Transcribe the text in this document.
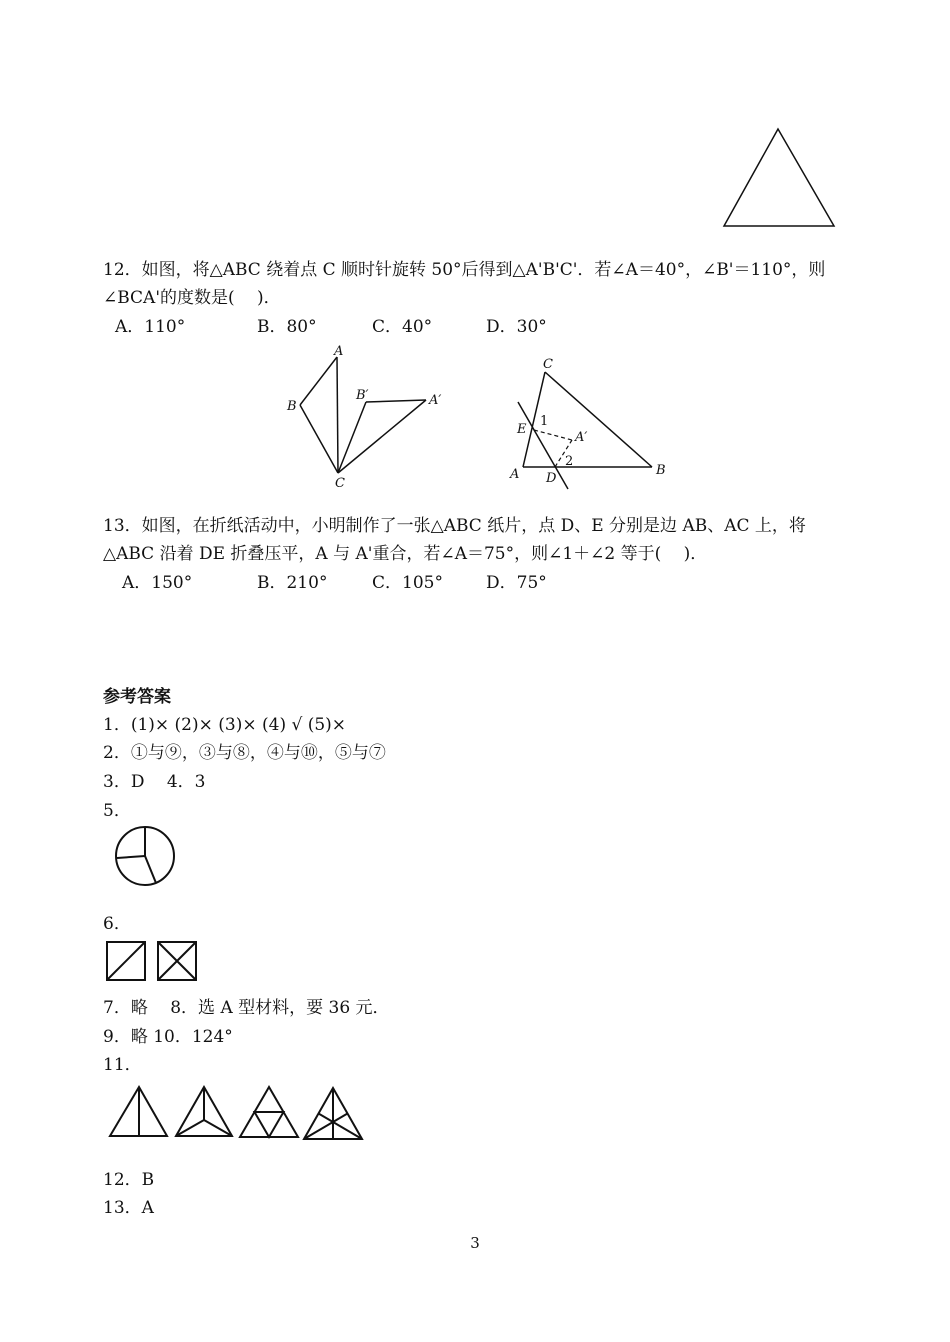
12．如图，将△ABC 绕着点 C 顺时针旋转 50°后得到△A'B'C'．若∠A＝40°，∠B'＝110°，则
∠BCA'的度数是(　 )．
A．110°	B．80°	C．40°	D．30°
A
B
B′	A′
C
C
E
1
A′
2
A D
B
13．如图，在折纸活动中，小明制作了一张△ABC 纸片，点 D、E 分别是边 AB、AC 上，将
△ABC 沿着 DE 折叠压平，A 与 A'重合，若∠A＝75°，则∠1＋∠2 等于(　 )．
A．150°	B．210°	C．105°	D．75°
参考答案
1．(1)× (2)× (3)× (4) √ (5)×
2．①与⑨，③与⑧，④与⑩，⑤与⑦
3．D　 4．3
5．
6．
7．略　 8．选 A 型材料，要 36 元．
9．略 10．124°
11．
12．B
13．A
3
